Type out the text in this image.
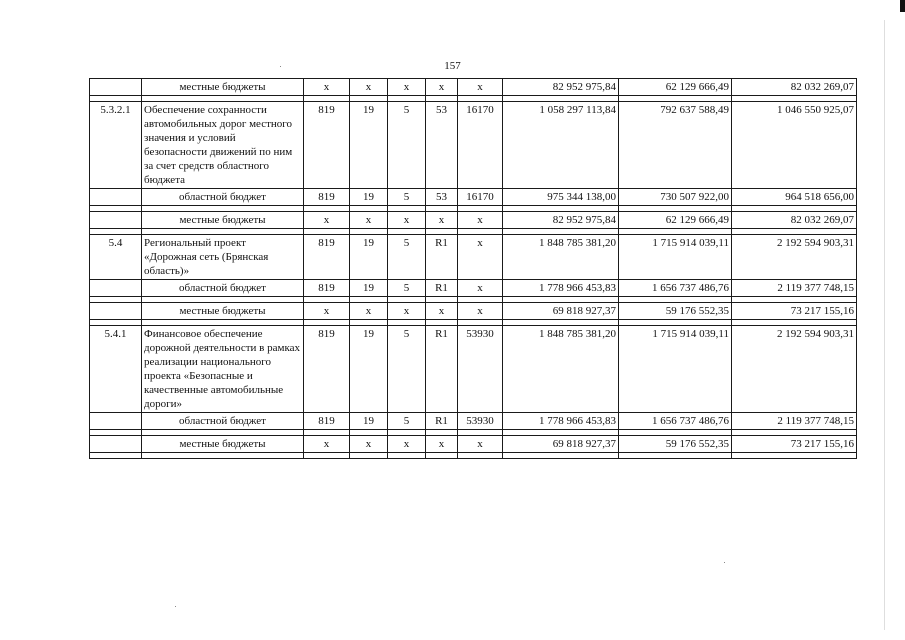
157
	местные бюджеты	х	х	х	х	х	82 952 975,84	62 129 666,49	82 032 269,07

5.3.2.1	Обеспечение сохранности автомобильных дорог местного значения и условий безопасности движений по ним за счет средств областного бюджета	819	19	5	53	16170	1 058 297 113,84	792 637 588,49	1 046 550 925,07
	областной бюджет	819	19	5	53	16170	975 344 138,00	730 507 922,00	964 518 656,00

	местные бюджеты	х	х	х	х	х	82 952 975,84	62 129 666,49	82 032 269,07

5.4	Региональный проект «Дорожная сеть (Брянская область)»	819	19	5	R1	х	1 848 785 381,20	1 715 914 039,11	2 192 594 903,31
	областной бюджет	819	19	5	R1	х	1 778 966 453,83	1 656 737 486,76	2 119 377 748,15

	местные бюджеты	х	х	х	х	х	69 818 927,37	59 176 552,35	73 217 155,16

5.4.1	Финансовое обеспечение дорожной деятельности в рамках реализации национального проекта «Безопасные и качественные автомобильные дороги»	819	19	5	R1	53930	1 848 785 381,20	1 715 914 039,11	2 192 594 903,31
	областной бюджет	819	19	5	R1	53930	1 778 966 453,83	1 656 737 486,76	2 119 377 748,15

	местные бюджеты	х	х	х	х	х	69 818 927,37	59 176 552,35	73 217 155,16
